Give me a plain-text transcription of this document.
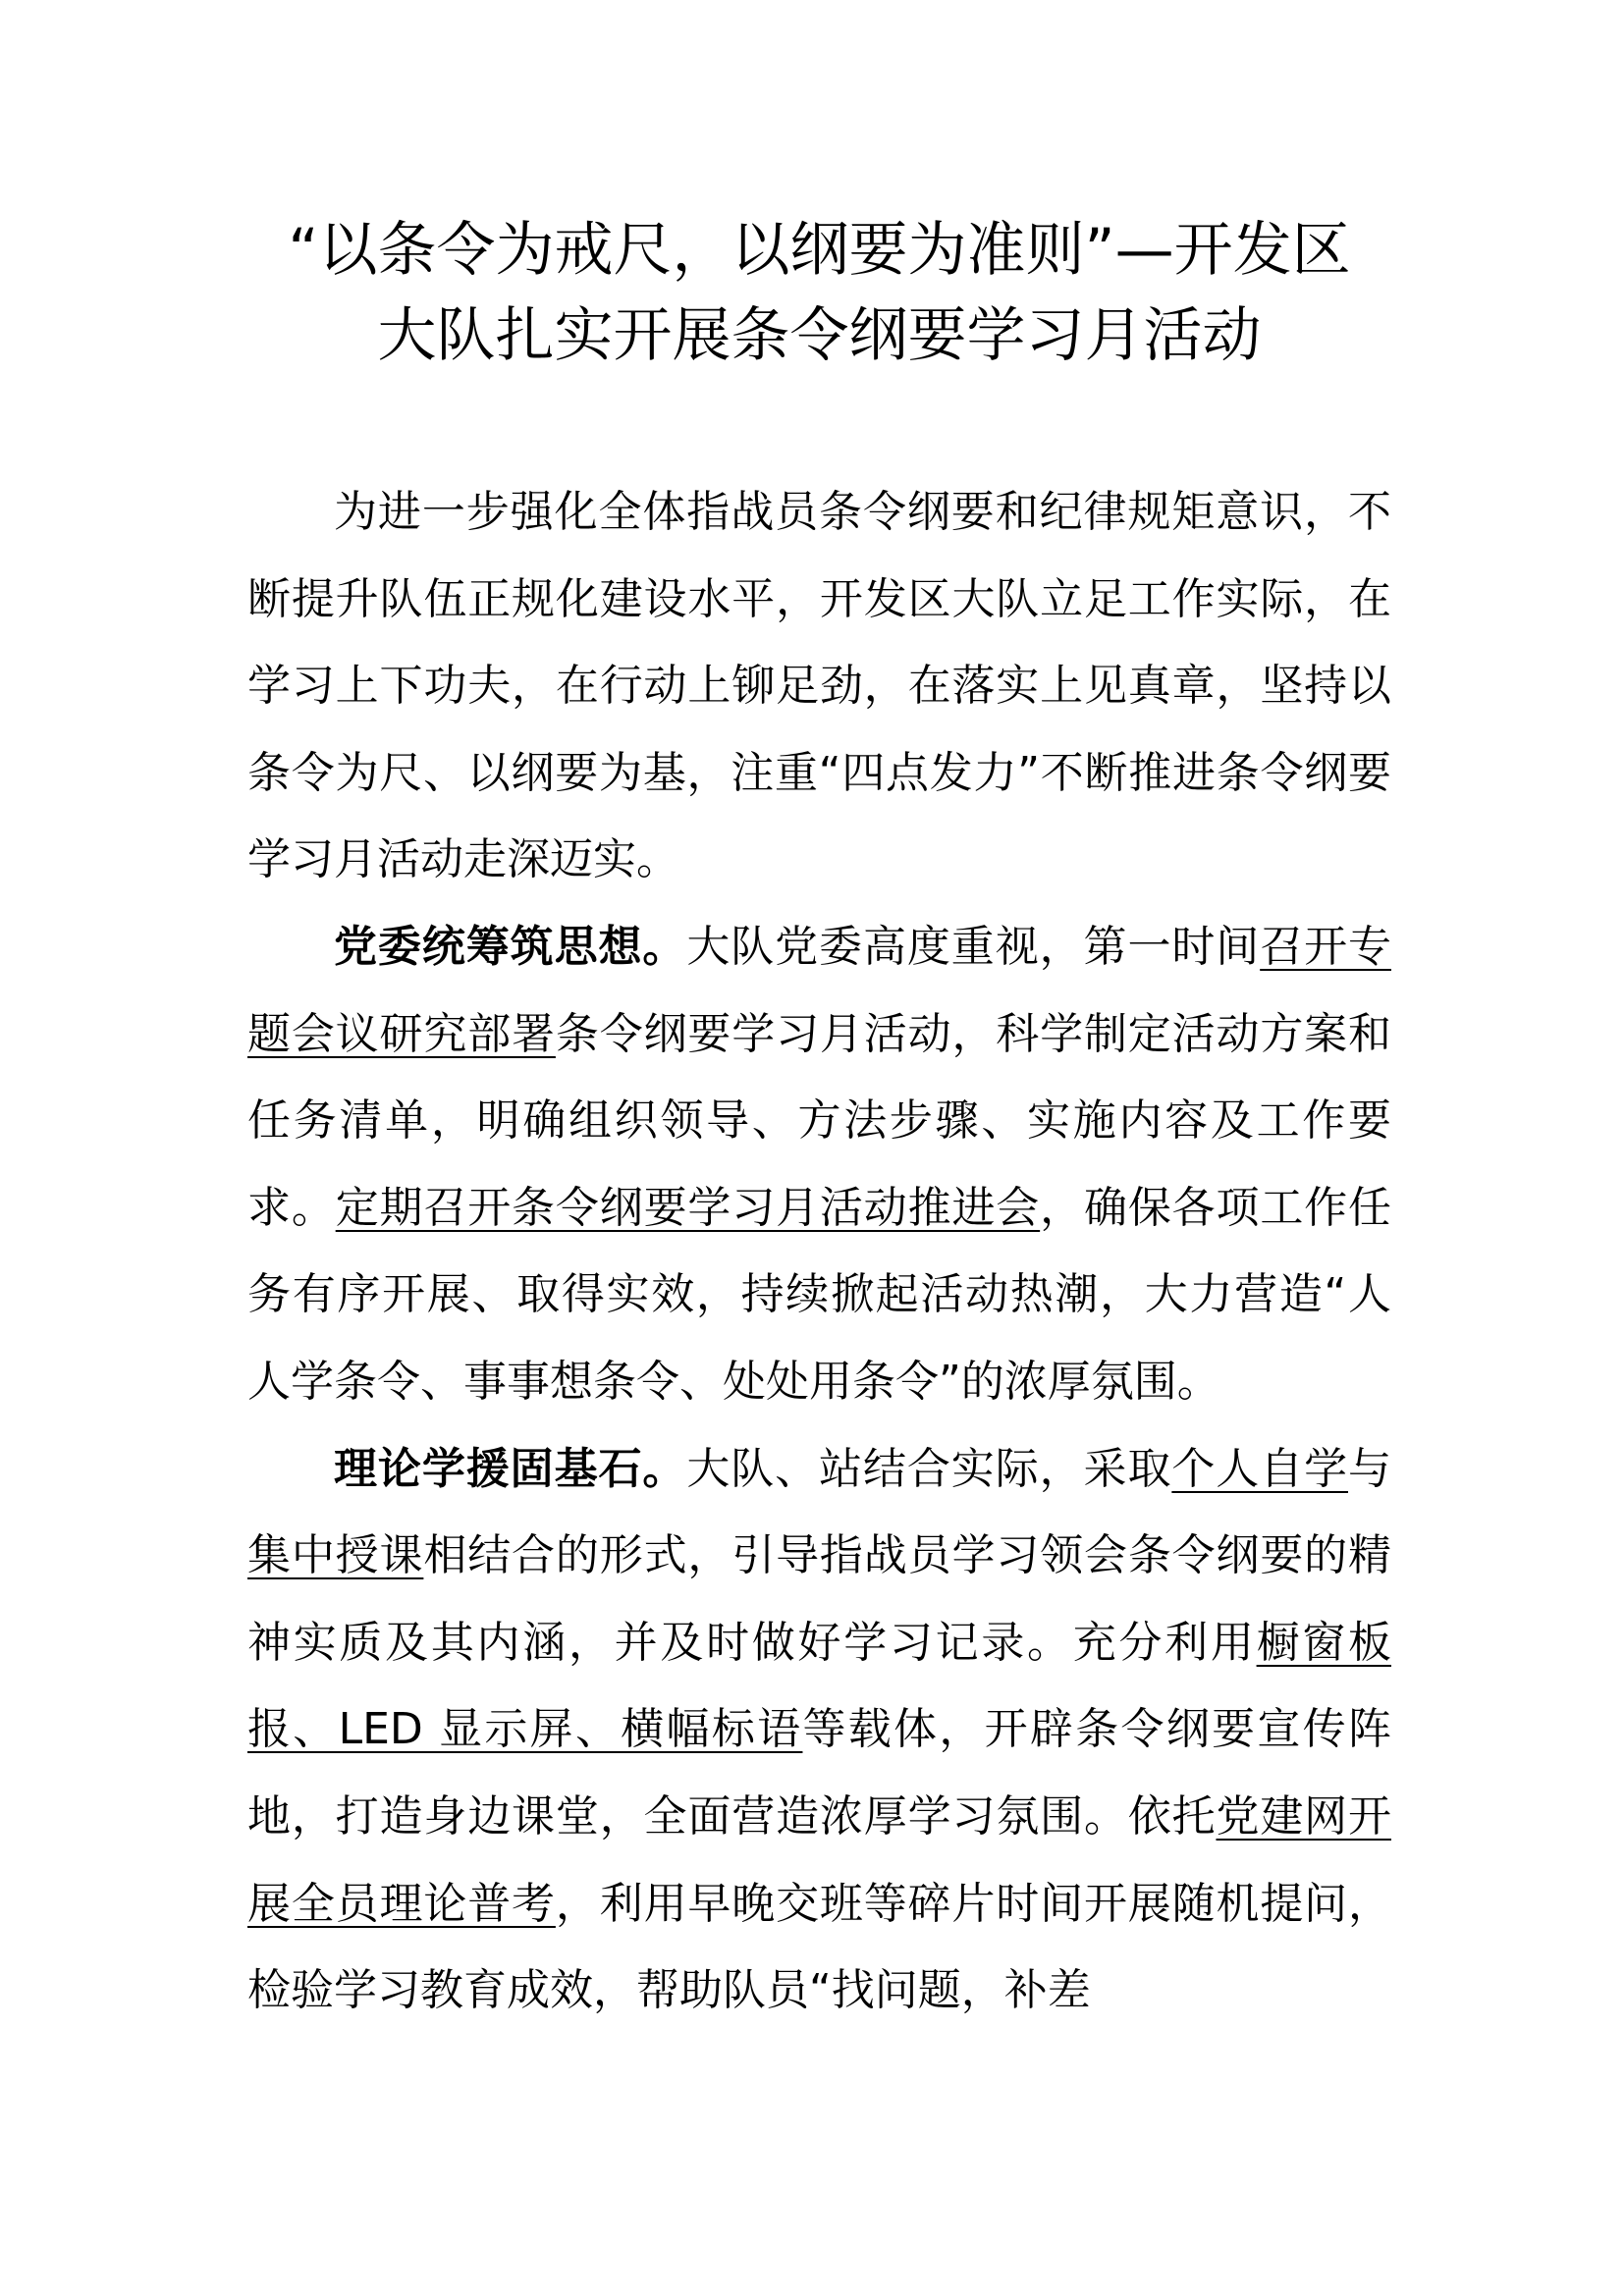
“以条令为戒尺，以纲要为准则”—开发区
大队扎实开展条令纲要学习月活动

为进一步强化全体指战员条令纲要和纪律规矩意识，不断提升队伍正规化建设水平，开发区大队立足工作实际，在学习上下功夫，在行动上铆足劲，在落实上见真章，坚持以条令为尺、以纲要为基，注重“四点发力”不断推进条令纲要学习月活动走深迈实。

党委统筹筑思想。大队党委高度重视，第一时间召开专题会议研究部署条令纲要学习月活动，科学制定活动方案和任务清单，明确组织领导、方法步骤、实施内容及工作要求。定期召开条令纲要学习月活动推进会，确保各项工作任务有序开展、取得实效，持续掀起活动热潮，大力营造“人人学条令、事事想条令、处处用条令”的浓厚氛围。

理论学援固基石。大队、站结合实际，采取个人自学与集中授课相结合的形式，引导指战员学习领会条令纲要的精神实质及其内涵，并及时做好学习记录。充分利用橱窗板报、LED 显示屏、横幅标语等载体，开辟条令纲要宣传阵地，打造身边课堂，全面营造浓厚学习氛围。依托党建网开展全员理论普考，利用早晚交班等碎片时间开展随机提问，检验学习教育成效，帮助队员“找问题，补差
